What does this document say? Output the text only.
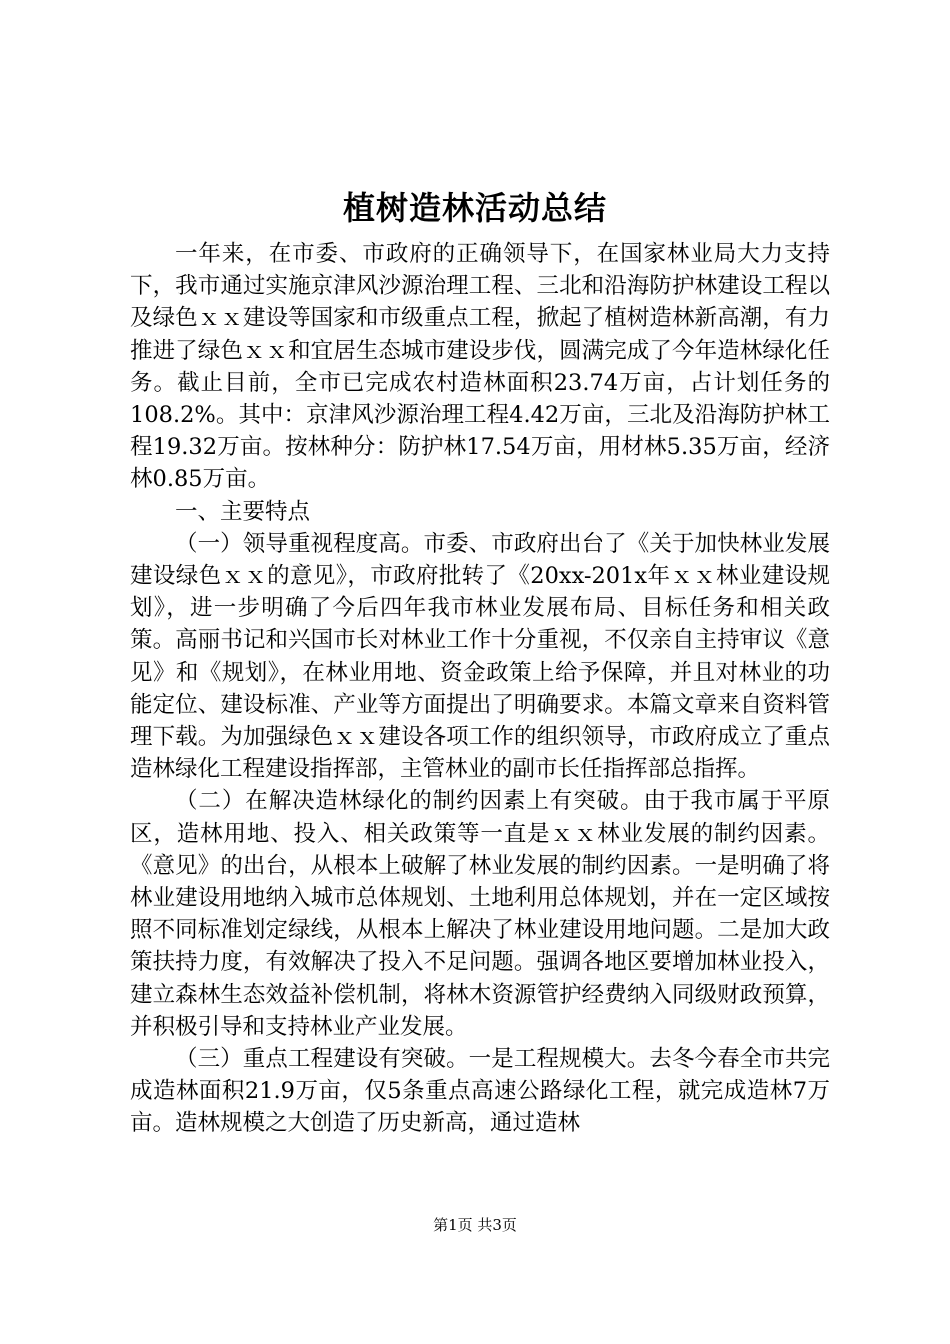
植树造林活动总结

一年来，在市委、市政府的正确领导下，在国家林业局大力支持下，我市通过实施京津风沙源治理工程、三北和沿海防护林建设工程以及绿色ｘｘ建设等国家和市级重点工程，掀起了植树造林新高潮，有力推进了绿色ｘｘ和宜居生态城市建设步伐，圆满完成了今年造林绿化任务。截止目前，全市已完成农村造林面积23.74万亩，占计划任务的108.2%。其中：京津风沙源治理工程4.42万亩，三北及沿海防护林工程19.32万亩。按林种分：防护林17.54万亩，用材林5.35万亩，经济林0.85万亩。

一、主要特点

（一）领导重视程度高。市委、市政府出台了《关于加快林业发展建设绿色ｘｘ的意见》，市政府批转了《20xx-201x年ｘｘ林业建设规划》，进一步明确了今后四年我市林业发展布局、目标任务和相关政策。高丽书记和兴国市长对林业工作十分重视，不仅亲自主持审议《意见》和《规划》，在林业用地、资金政策上给予保障，并且对林业的功能定位、建设标准、产业等方面提出了明确要求。本篇文章来自资料管理下载。为加强绿色ｘｘ建设各项工作的组织领导，市政府成立了重点造林绿化工程建设指挥部，主管林业的副市长任指挥部总指挥。

（二）在解决造林绿化的制约因素上有突破。由于我市属于平原区，造林用地、投入、相关政策等一直是ｘｘ林业发展的制约因素。《意见》的出台，从根本上破解了林业发展的制约因素。一是明确了将林业建设用地纳入城市总体规划、土地利用总体规划，并在一定区域按照不同标准划定绿线，从根本上解决了林业建设用地问题。二是加大政策扶持力度，有效解决了投入不足问题。强调各地区要增加林业投入，建立森林生态效益补偿机制，将林木资源管护经费纳入同级财政预算，并积极引导和支持林业产业发展。

（三）重点工程建设有突破。一是工程规模大。去冬今春全市共完成造林面积21.9万亩，仅5条重点高速公路绿化工程，就完成造林7万亩。造林规模之大创造了历史新高，通过造林

第1页 共3页
